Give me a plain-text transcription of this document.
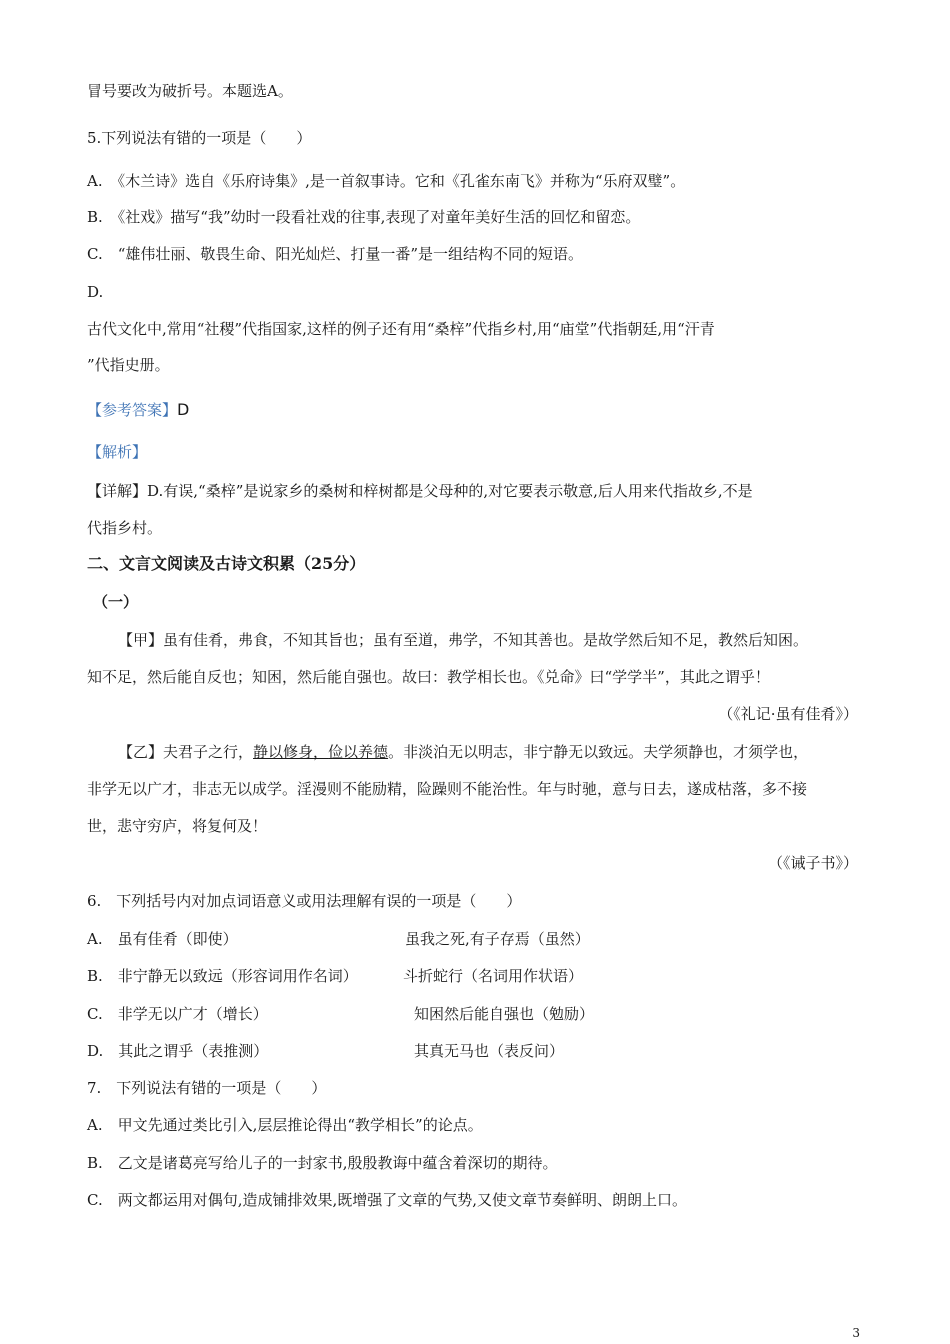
冒号要改为破折号。本题选A。
5.下列说法有错的一项是（　　）
A.　《木兰诗》选自《乐府诗集》,是一首叙事诗。它和《孔雀东南飞》并称为“乐府双璧”。
B.　《社戏》描写“我”幼时一段看社戏的往事,表现了对童年美好生活的回忆和留恋。
C.　“雄伟壮丽、敬畏生命、阳光灿烂、打量一番”是一组结构不同的短语。
D.
古代文化中,常用“社稷”代指国家,这样的例子还有用“桑梓”代指乡村,用“庙堂”代指朝廷,用“汗青
”代指史册。
【参考答案】D
【解析】
【详解】D.有误,“桑梓”是说家乡的桑树和梓树都是父母种的,对它要表示敬意,后人用来代指故乡,不是
代指乡村。
二、文言文阅读及古诗文积累（25分）
（一）
【甲】虽有佳肴，弗食，不知其旨也；虽有至道，弗学，不知其善也。是故学然后知不足，教然后知困。
知不足，然后能自反也；知困，然后能自强也。故曰：教学相长也。《兑命》曰“学学半”，其此之谓乎！
（《礼记·虽有佳肴》）
【乙】夫君子之行，静以修身，俭以养德。非淡泊无以明志，非宁静无以致远。夫学须静也，才须学也，
非学无以广才，非志无以成学。淫漫则不能励精，险躁则不能治性。年与时驰，意与日去，遂成枯落，多不接
世，悲守穷庐，将复何及！
（《诫子书》）
6.　下列括号内对加点词语意义或用法理解有误的一项是（　　）
A.　虽有佳肴（即使）	虽我之死,有子存焉（虽然）
B.　非宁静无以致远（形容词用作名词）	斗折蛇行（名词用作状语）
C.　非学无以广才（增长）	知困然后能自强也（勉励）
D.　其此之谓乎（表推测）	其真无马也（表反问）
7.　下列说法有错的一项是（　　）
A.　甲文先通过类比引入,层层推论得出“教学相长”的论点。
B.　乙文是诸葛亮写给儿子的一封家书,殷殷教诲中蕴含着深切的期待。
C.　两文都运用对偶句,造成铺排效果,既增强了文章的气势,又使文章节奏鲜明、朗朗上口。
3
